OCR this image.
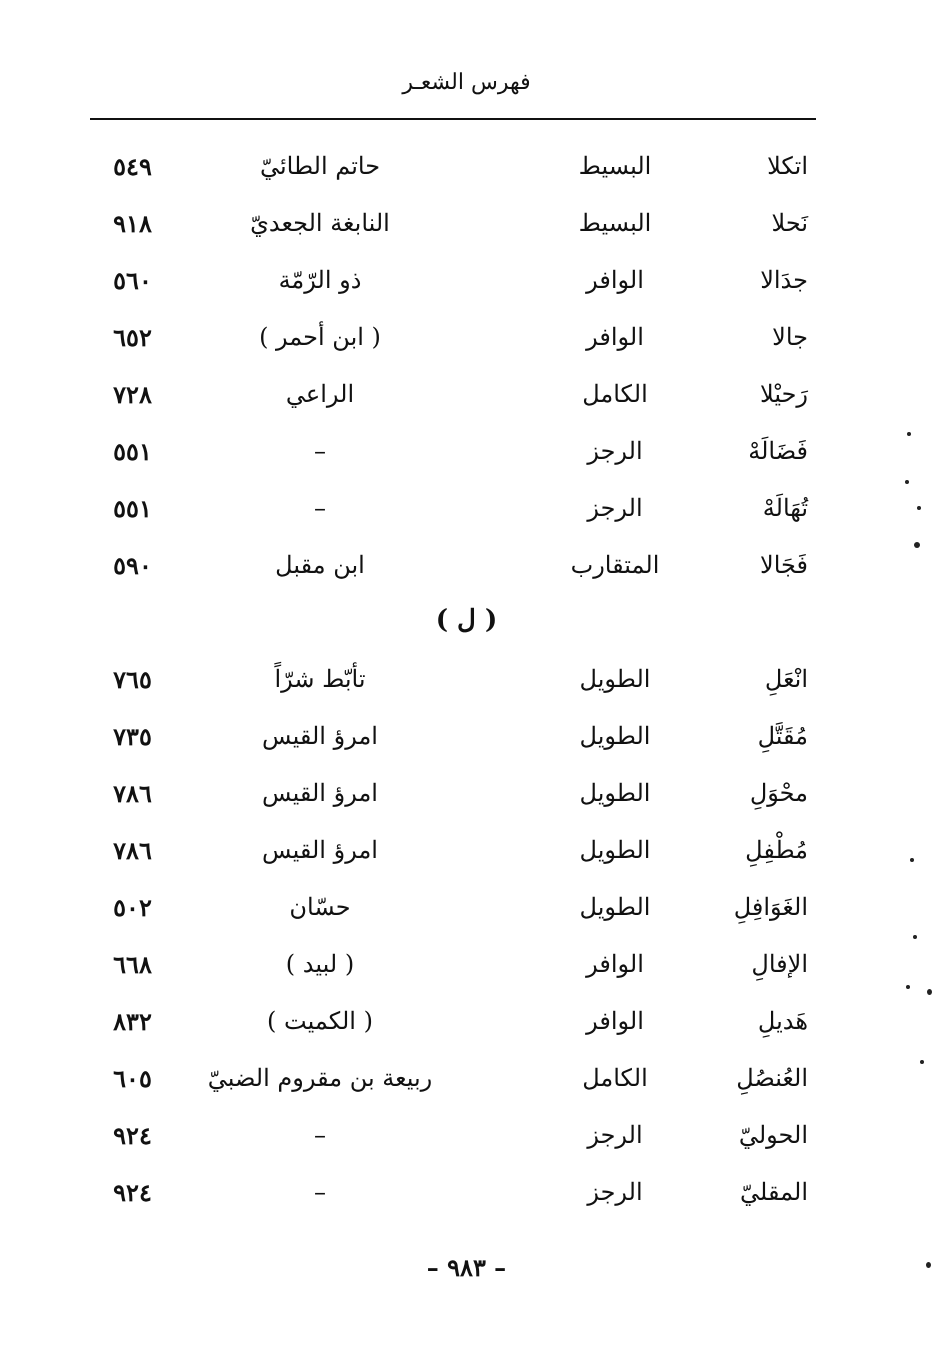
فهرس الشعـر
اتكلا
البسيط
حاتم الطائيّ
٥٤٩
نَحلا
البسيط
النابغة الجعديّ
٩١٨
جدَالا
الوافر
ذو الرّمّة
٥٦٠
جالا
الوافر
( ابن أحمر )
٦٥٢
رَحيْلا
الكامل
الراعي
٧٢٨
فَضَالَهْ
الرجز
–
٥٥١
تُهَالَهْ
الرجز
–
٥٥١
فَجَالا
المتقارب
ابن مقبل
٥٩٠
( ل )
انْعَلِ
الطويل
تأبّط شرّاً
٧٦٥
مُقَتَّلِ
الطويل
امرؤ القيس
٧٣٥
محْوَلِ
الطويل
امرؤ القيس
٧٨٦
مُطْفِلِ
الطويل
امرؤ القيس
٧٨٦
الغَوَافِلِ
الطويل
حسّان
٥٠٢
الإفالِ
الوافر
( لبيد )
٦٦٨
هَديلِ
الوافر
( الكميت )
٨٣٢
العُنصُلِ
الكامل
ربيعة بن مقروم الضبيّ
٦٠٥
الحوليّ
الرجز
–
٩٢٤
المقليّ
الرجز
–
٩٢٤
– ٩٨٣ –
